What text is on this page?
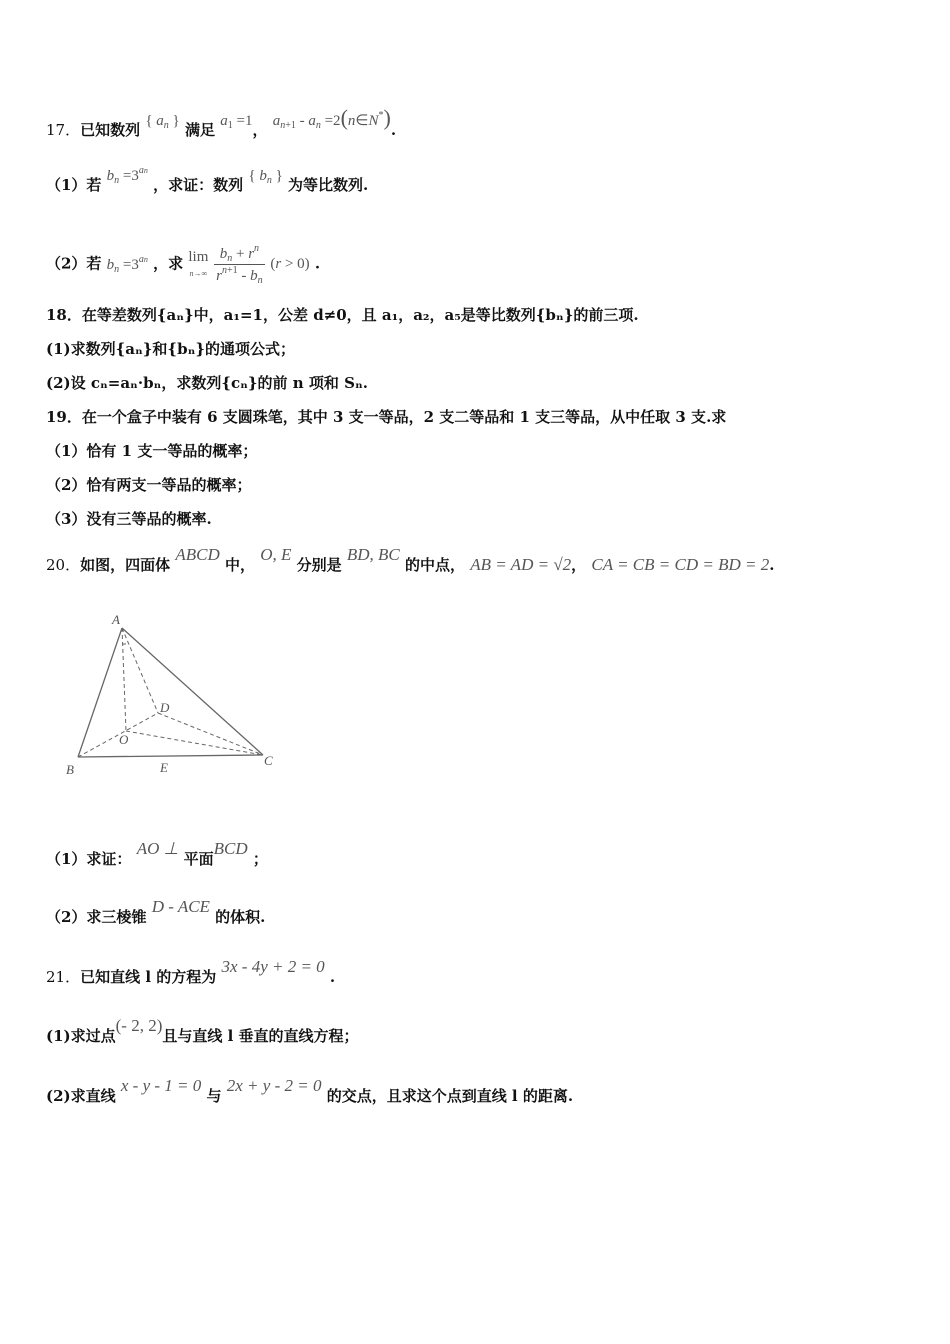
17．已知数列 { $a_n$ } 满足 $a_1 =1$， $a_{n+1} - a_n$ =2(n∈N*).
（1）若 $b_n =3^{an}$ ，求证：数列 { $b_n$ } 为等比数列.
（2）若 $b_n =3^{an}$ ，求 lim
$n\to\infty \frac{b_n + r^n}{r^{n+1} - b_n} (r > 0)$ .
18．在等差数列{aₙ}中，a₁=1，公差 d≠0，且 a₁，a₂，a₅是等比数列{bₙ}的前三项.
(1)求数列{aₙ}和{bₙ}的通项公式；
(2)设 cₙ=aₙ·bₙ，求数列{cₙ}的前 n 项和 Sₙ.
19．在一个盒子中装有 6 支圆珠笔，其中 3 支一等品，2 支二等品和 1 支三等品，从中任取 3 支.求
（1）恰有 1 支一等品的概率；
（2）恰有两支一等品的概率；
（3）没有三等品的概率.
20．如图，四面体 ABCD 中， O, E 分别是 BD, BC 的中点， AB = AD = √2， CA = CB = CD = BD = 2.
A
B
C
D
E
O
（1）求证： AO ⊥ 平面BCD ；
（2）求三棱锥 D - ACE 的体积.
21．已知直线 l 的方程为 3x - 4y + 2 = 0 .
(1)求过点(- 2, 2)且与直线 l 垂直的直线方程；
(2)求直线 x - y - 1 = 0 与 2x + y - 2 = 0 的交点，且求这个点到直线 l 的距离.
